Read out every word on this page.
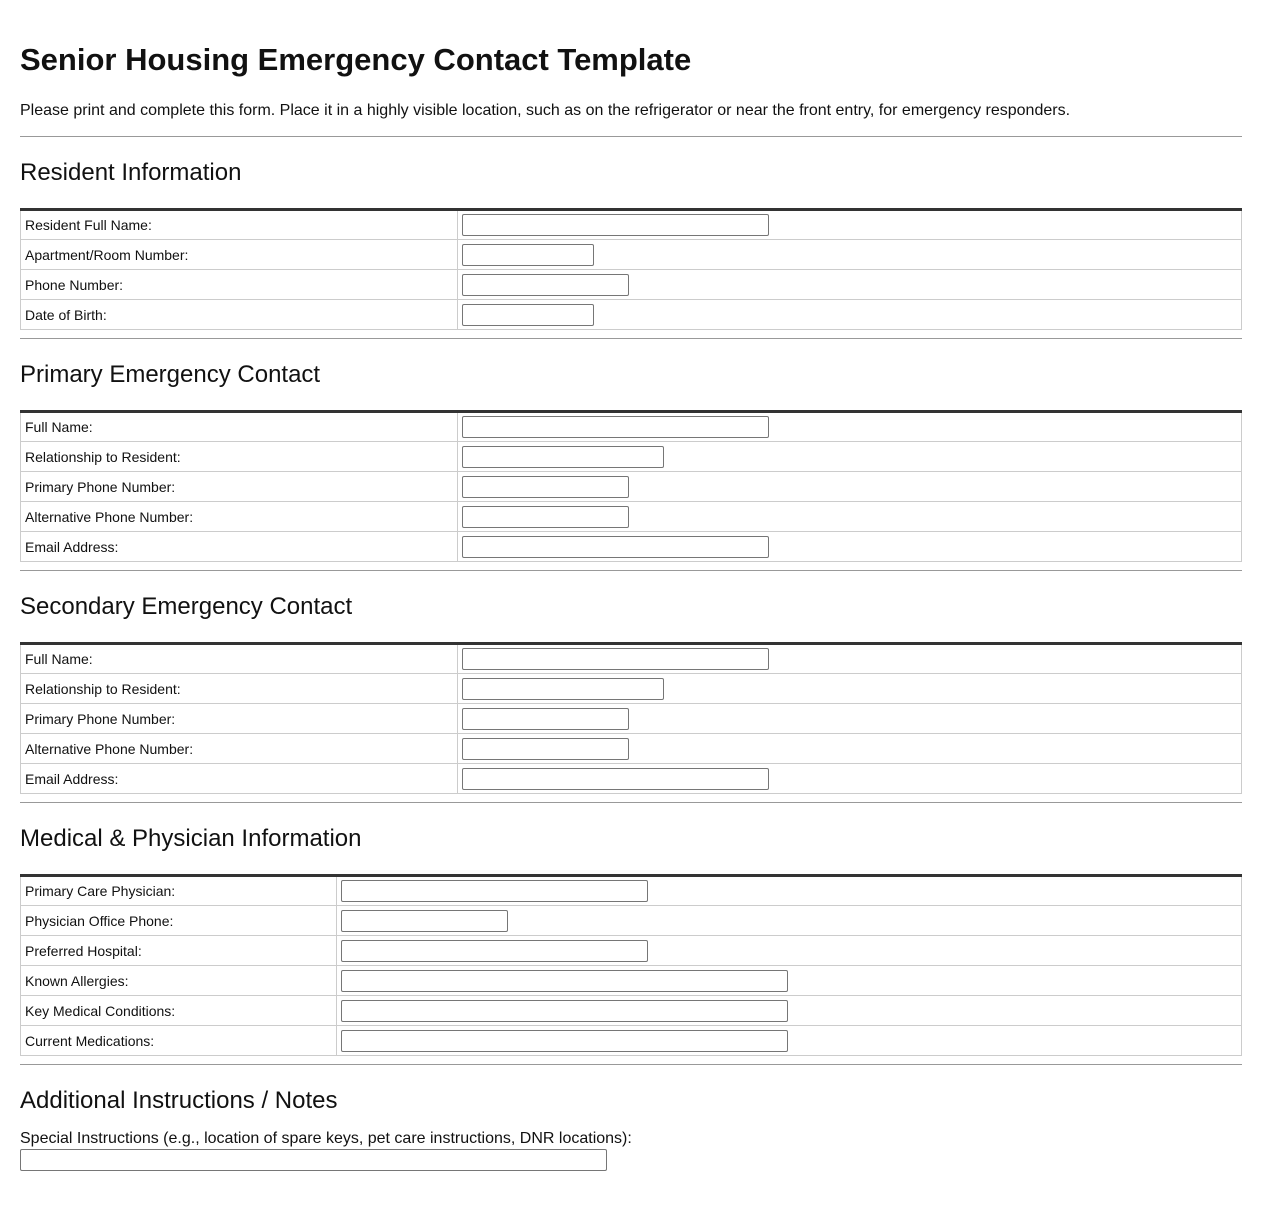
Senior Housing Emergency Contact Template

Please print and complete this form. Place it in a highly visible location, such as on the refrigerator or near the front entry, for emergency responders.

Resident Information
Resident Full Name:	

Apartment/Room Number:	

Phone Number:	

Date of Birth:	
Primary Emergency Contact
Full Name:	

Relationship to Resident:	

Primary Phone Number:	

Alternative Phone Number:	

Email Address:	
Secondary Emergency Contact
Full Name:	

Relationship to Resident:	

Primary Phone Number:	

Alternative Phone Number:	

Email Address:	
Medical & Physician Information
Primary Care Physician:	

Physician Office Phone:	

Preferred Hospital:	

Known Allergies:	

Key Medical Conditions:	

Current Medications:	
Additional Instructions / Notes

Special Instructions (e.g., location of spare keys, pet care instructions, DNR locations):
